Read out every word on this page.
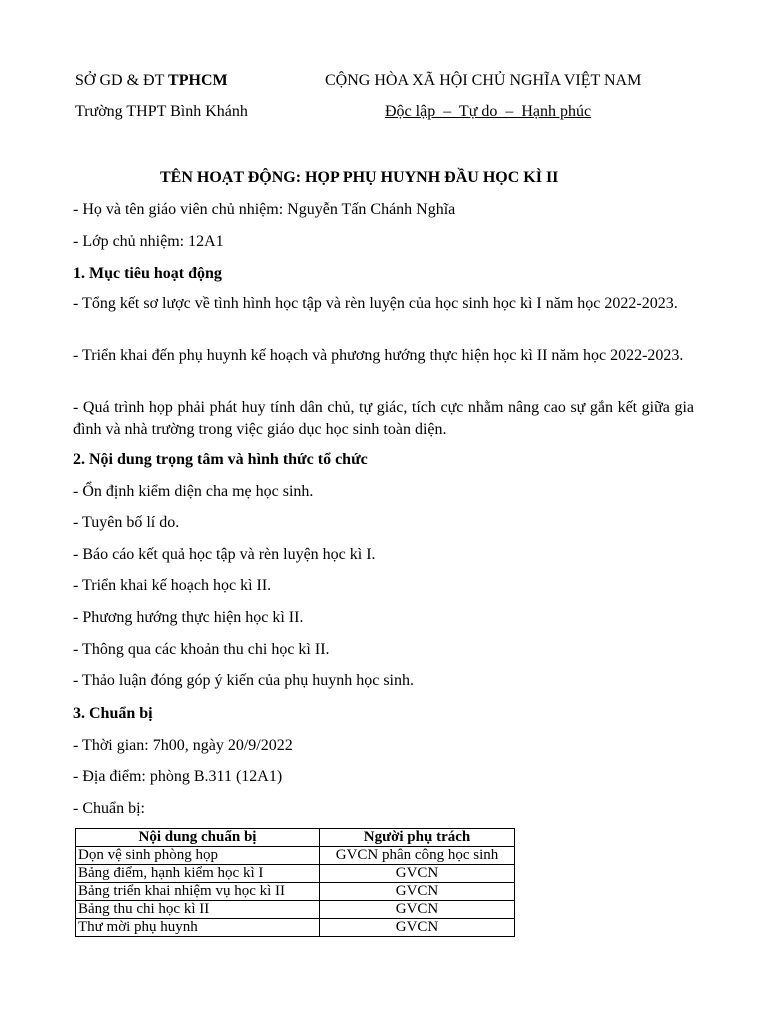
SỞ GD & ĐT TPHCM	CỘNG HÒA XÃ HỘI CHỦ NGHĨA VIỆT NAM
Trường THPT Bình Khánh	Độc lập  –  Tự do  –  Hạnh phúc
TÊN HOẠT ĐỘNG: HỌP PHỤ HUYNH ĐẦU HỌC KÌ II
- Họ và tên giáo viên chủ nhiệm: Nguyễn Tấn Chánh Nghĩa
- Lớp chủ nhiệm: 12A1
1. Mục tiêu hoạt động
- Tổng kết sơ lược về tình hình học tập và rèn luyện của học sinh học kì I năm học 2022-2023.
- Triển khai đến phụ huynh kế hoạch và phương hướng thực hiện học kì II năm học 2022-2023.
- Quá trình họp phải phát huy tính dân chủ, tự giác, tích cực nhằm nâng cao sự gắn kết giữa gia đình và nhà trường trong việc giáo dục học sinh toàn diện.
2. Nội dung trọng tâm và hình thức tổ chức
- Ổn định kiểm diện cha mẹ học sinh.
- Tuyên bố lí do.
- Báo cáo kết quả học tập và rèn luyện học kì I.
- Triển khai kế hoạch học kì II.
- Phương hướng thực hiện học kì II.
- Thông qua các khoản thu chi học kì II.
- Thảo luận đóng góp ý kiến của phụ huynh học sinh.
3. Chuẩn bị
- Thời gian: 7h00, ngày 20/9/2022
- Địa điểm: phòng B.311 (12A1)
- Chuẩn bị:
Nội dung chuẩn bị	Người phụ trách
Dọn vệ sinh phòng họp	GVCN phân công học sinh
Bảng điểm, hạnh kiểm học kì I	GVCN
Bảng triển khai nhiệm vụ học kì II	GVCN
Bảng thu chi học kì II	GVCN
Thư mời phụ huynh	GVCN
